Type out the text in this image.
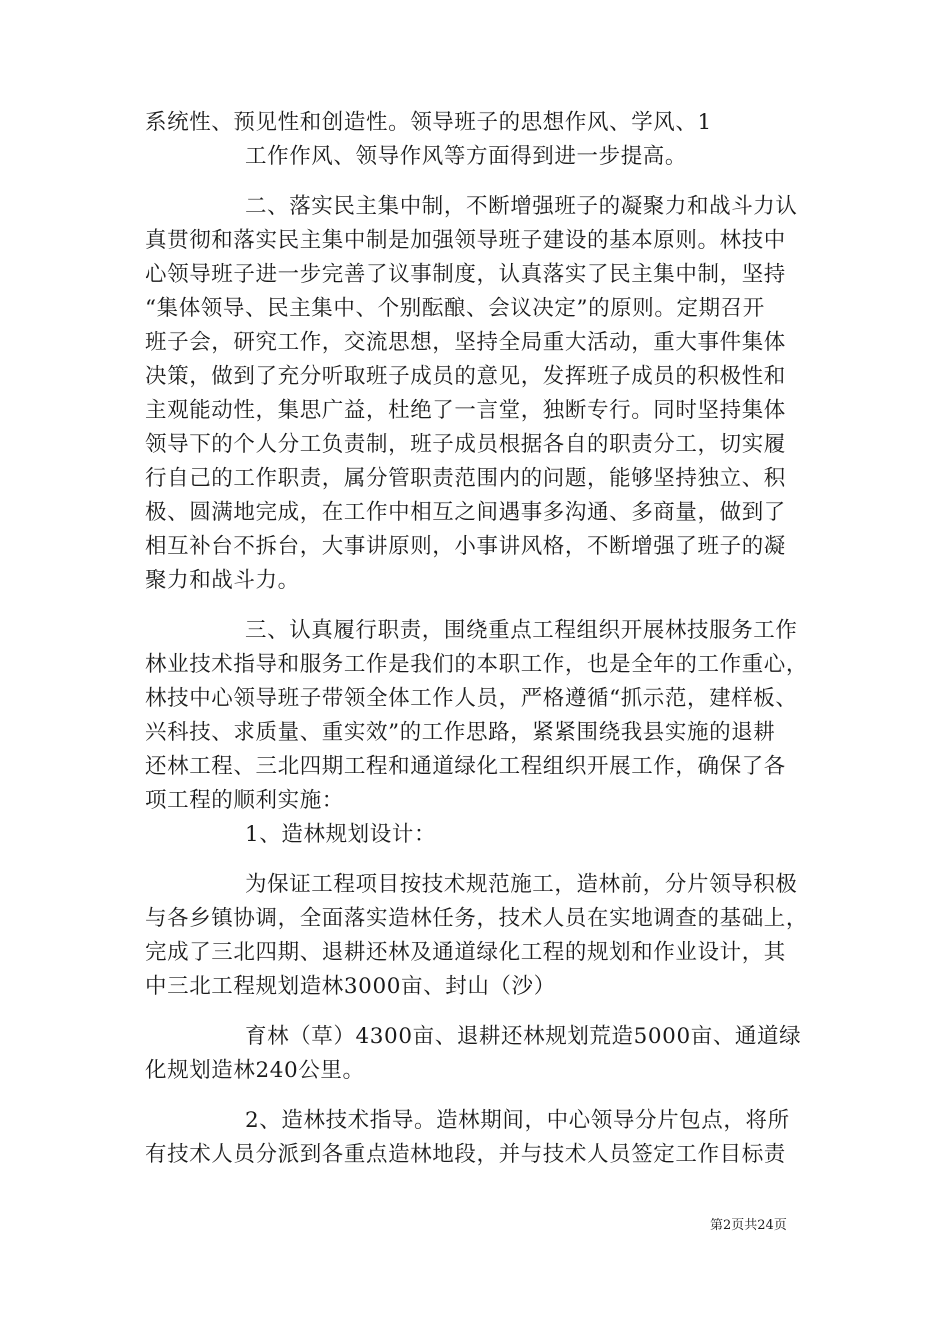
系统性、预见性和创造性。领导班子的思想作风、学风、1
工作作风、领导作风等方面得到进一步提高。
二、落实民主集中制，不断增强班子的凝聚力和战斗力认
真贯彻和落实民主集中制是加强领导班子建设的基本原则。林技中
心领导班子进一步完善了议事制度，认真落实了民主集中制，坚持
“集体领导、民主集中、个别酝酿、会议决定”的原则。定期召开
班子会，研究工作，交流思想，坚持全局重大活动，重大事件集体
决策，做到了充分听取班子成员的意见，发挥班子成员的积极性和
主观能动性，集思广益，杜绝了一言堂，独断专行。同时坚持集体
领导下的个人分工负责制，班子成员根据各自的职责分工，切实履
行自己的工作职责，属分管职责范围内的问题，能够坚持独立、积
极、圆满地完成，在工作中相互之间遇事多沟通、多商量，做到了
相互补台不拆台，大事讲原则，小事讲风格，不断增强了班子的凝
聚力和战斗力。
三、认真履行职责，围绕重点工程组织开展林技服务工作
林业技术指导和服务工作是我们的本职工作，也是全年的工作重心，
林技中心领导班子带领全体工作人员，严格遵循“抓示范，建样板、
兴科技、求质量、重实效”的工作思路，紧紧围绕我县实施的退耕
还林工程、三北四期工程和通道绿化工程组织开展工作，确保了各
项工程的顺利实施：
1、造林规划设计：
为保证工程项目按技术规范施工，造林前，分片领导积极
与各乡镇协调，全面落实造林任务，技术人员在实地调查的基础上，
完成了三北四期、退耕还林及通道绿化工程的规划和作业设计，其
中三北工程规划造林3000亩、封山（沙）
育林（草）4300亩、退耕还林规划荒造5000亩、通道绿
化规划造林240公里。
2、造林技术指导。造林期间，中心领导分片包点，将所
有技术人员分派到各重点造林地段，并与技术人员签定工作目标责
第2页共24页
